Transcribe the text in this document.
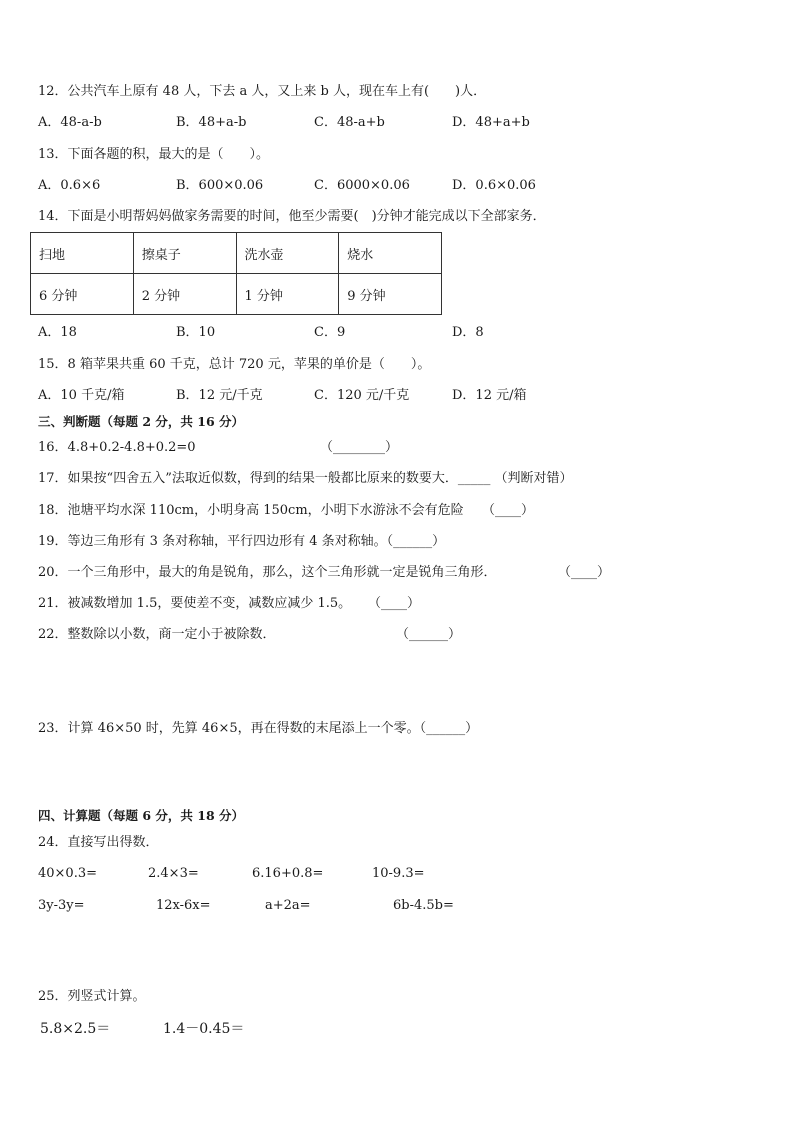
12．公共汽车上原有 48 人，下去 a 人，又上来 b 人，现在车上有(　　)人．
A．48-a-b	B．48+a-b	C．48-a+b	D．48+a+b
13．下面各题的积，最大的是（　　）。
A．0.6×6	B．600×0.06	C．6000×0.06	D．0.6×0.06
14．下面是小明帮妈妈做家务需要的时间，他至少需要(　)分钟才能完成以下全部家务．
扫地	擦桌子	洗水壶	烧水
6 分钟	2 分钟	1 分钟	9 分钟
A．18	B．10	C．9	D．8
15．8 箱苹果共重 60 千克，总计 720 元，苹果的单价是（　　）。
A．10 千克/箱	B．12 元/千克	C．120 元/千克	D．12 元/箱
三、判断题（每题 2 分，共 16 分）
16．4.8+0.2-4.8+0.2=0	（________）
17．如果按“四舍五入”法取近似数，得到的结果一般都比原来的数要大．_____ （判断对错）
18．池塘平均水深 110cm，小明身高 150cm，小明下水游泳不会有危险 （____）
19．等边三角形有 3 条对称轴，平行四边形有 4 条对称轴。（______）
20．一个三角形中，最大的角是锐角，那么，这个三角形就一定是锐角三角形．	（____）
21．被减数增加 1.5，要使差不变，减数应减少 1.5。 （____）
22．整数除以小数，商一定小于被除数．	（______）
23．计算 46×50 时，先算 46×5，再在得数的末尾添上一个零。（______）
四、计算题（每题 6 分，共 18 分）
24．直接写出得数．
40×0.3=	2.4×3=	6.16+0.8=	10-9.3=
3y-3y=	12x-6x=	a+2a=	6b-4.5b=
25．列竖式计算。
5.8×2.5＝	1.4－0.45＝
